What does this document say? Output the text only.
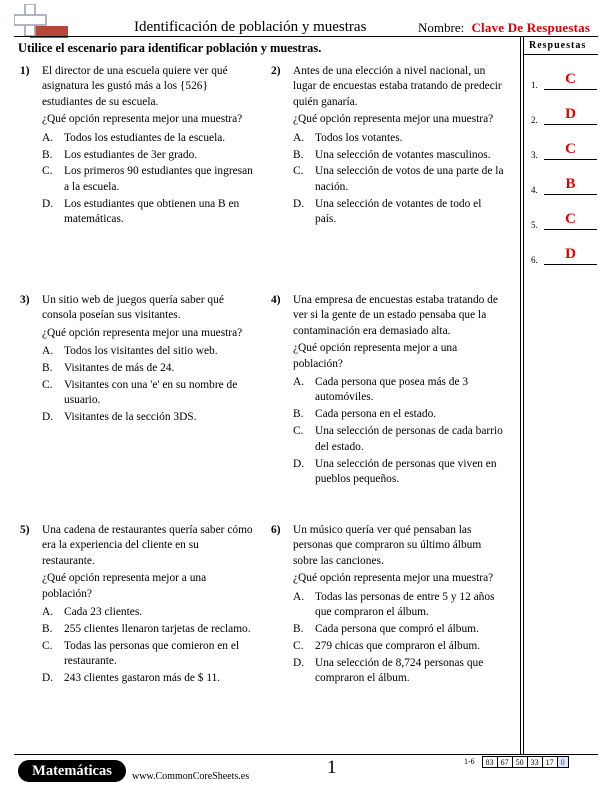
Identificación de población y muestras	Nombre: Clave De Respuestas
Utilice el escenario para identificar población y muestras.	Respuestas
1.	C
2.	D
3.	C
4.	B
5.	C
6.	D
1) El director de una escuela quiere ver qué asignatura les gustó más a los {526} estudiantes de su escuela.

¿Qué opción representa mejor una muestra?

A. Todos los estudiantes de la escuela.
B. Los estudiantes de 3er grado.
C. Los primeros 90 estudiantes que ingresan a la escuela.
D. Los estudiantes que obtienen una B en matemáticas.
2) Antes de una elección a nivel nacional, un lugar de encuestas estaba tratando de predecir quién ganaría.

¿Qué opción representa mejor una muestra?

A. Todos los votantes.
B. Una selección de votantes masculinos.
C. Una selección de votos de una parte de la nación.
D. Una selección de votantes de todo el país.
3) Un sitio web de juegos quería saber qué consola poseían sus visitantes.

¿Qué opción representa mejor una muestra?

A. Todos los visitantes del sitio web.
B. Visitantes de más de 24.
C. Visitantes con una 'e' en su nombre de usuario.
D. Visitantes de la sección 3DS.
4) Una empresa de encuestas estaba tratando de ver si la gente de un estado pensaba que la contaminación era demasiado alta.

¿Qué opción representa mejor a una población?

A. Cada persona que posea más de 3 automóviles.
B. Cada persona en el estado.
C. Una selección de personas de cada barrio del estado.
D. Una selección de personas que viven en pueblos pequeños.
5) Una cadena de restaurantes quería saber cómo era la experiencia del cliente en su restaurante.

¿Qué opción representa mejor a una población?

A. Cada 23 clientes.
B. 255 clientes llenaron tarjetas de reclamo.
C. Todas las personas que comieron en el restaurante.
D. 243 clientes gastaron más de $ 11.
6) Un músico quería ver qué pensaban las personas que compraron su último álbum sobre las canciones.

¿Qué opción representa mejor una muestra?

A. Todas las personas de entre 5 y 12 años que compraron el álbum.
B. Cada persona que compró el álbum.
C. 279 chicas que compraron el álbum.
D. Una selección de 8,724 personas que compraron el álbum.
Matemáticas	www.CommonCoreSheets.es	1	1-6	83 67 50 33 17 0
